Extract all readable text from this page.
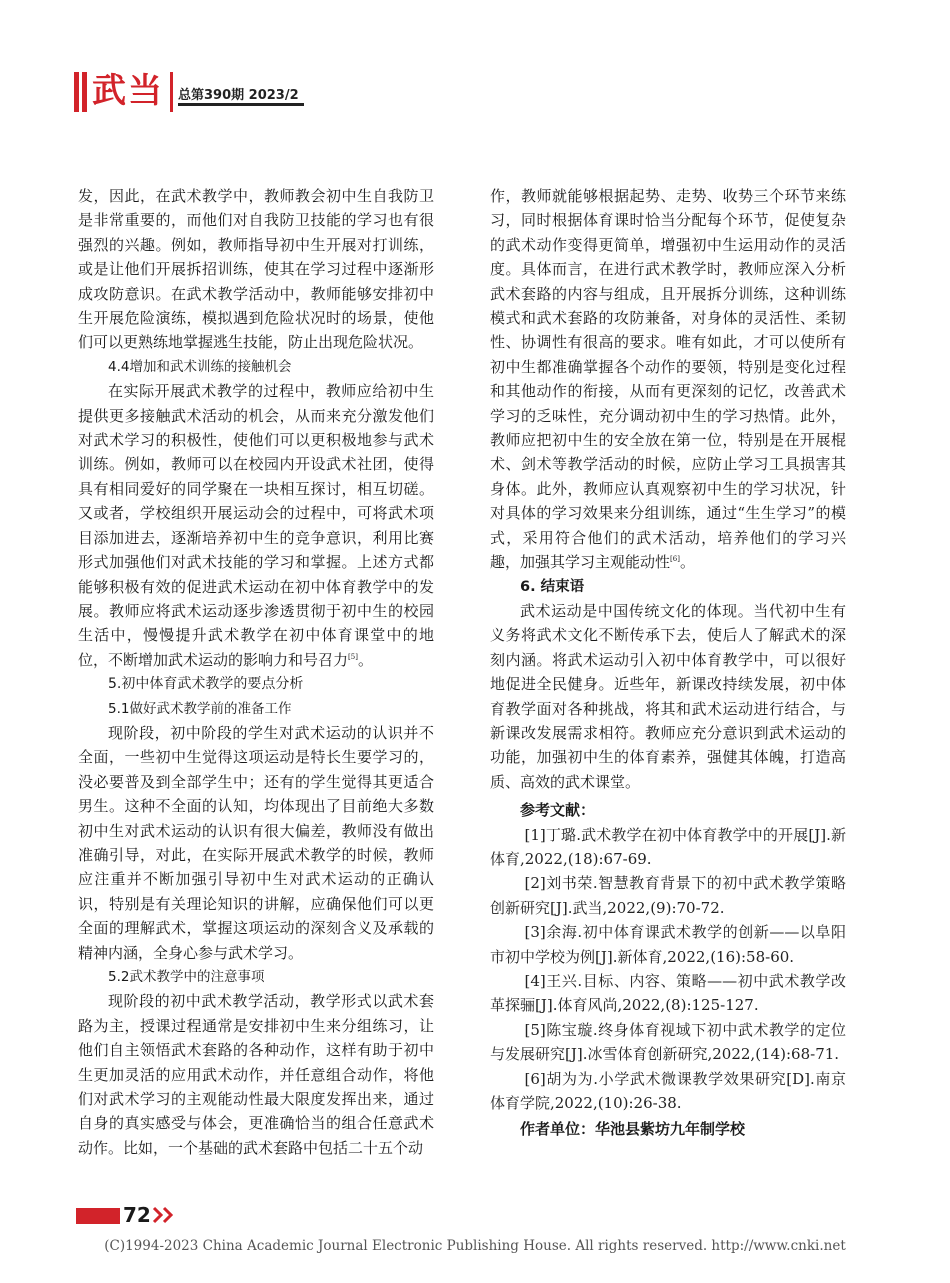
武当 总第390期 2023/2

发，因此，在武术教学中，教师教会初中生自我防卫是非常重要的，而他们对自我防卫技能的学习也有很强烈的兴趣。例如，教师指导初中生开展对打训练，或是让他们开展拆招训练，使其在学习过程中逐渐形成攻防意识。在武术教学活动中，教师能够安排初中生开展危险演练，模拟遇到危险状况时的场景，使他们可以更熟练地掌握逃生技能，防止出现危险状况。

4.4增加和武术训练的接触机会

在实际开展武术教学的过程中，教师应给初中生提供更多接触武术活动的机会，从而来充分激发他们对武术学习的积极性，使他们可以更积极地参与武术训练。例如，教师可以在校园内开设武术社团，使得具有相同爱好的同学聚在一块相互探讨，相互切磋。又或者，学校组织开展运动会的过程中，可将武术项目添加进去，逐渐培养初中生的竞争意识，利用比赛形式加强他们对武术技能的学习和掌握。上述方式都能够积极有效的促进武术运动在初中体育教学中的发展。教师应将武术运动逐步渗透贯彻于初中生的校园生活中，慢慢提升武术教学在初中体育课堂中的地位，不断增加武术运动的影响力和号召力[5]。

5.初中体育武术教学的要点分析
5.1做好武术教学前的准备工作

现阶段，初中阶段的学生对武术运动的认识并不全面，一些初中生觉得这项运动是特长生要学习的，没必要普及到全部学生中；还有的学生觉得其更适合男生。这种不全面的认知，均体现出了目前绝大多数初中生对武术运动的认识有很大偏差，教师没有做出准确引导，对此，在实际开展武术教学的时候，教师应注重并不断加强引导初中生对武术运动的正确认识，特别是有关理论知识的讲解，应确保他们可以更全面的理解武术，掌握这项运动的深刻含义及承载的精神内涵，全身心参与武术学习。

5.2武术教学中的注意事项

现阶段的初中武术教学活动，教学形式以武术套路为主，授课过程通常是安排初中生来分组练习，让他们自主领悟武术套路的各种动作，这样有助于初中生更加灵活的应用武术动作，并任意组合动作，将他们对武术学习的主观能动性最大限度发挥出来，通过自身的真实感受与体会，更准确恰当的组合任意武术动作。比如，一个基础的武术套路中包括二十五个动

作，教师就能够根据起势、走势、收势三个环节来练习，同时根据体育课时恰当分配每个环节，促使复杂的武术动作变得更简单，增强初中生运用动作的灵活度。具体而言，在进行武术教学时，教师应深入分析武术套路的内容与组成，且开展拆分训练，这种训练模式和武术套路的攻防兼备，对身体的灵活性、柔韧性、协调性有很高的要求。唯有如此，才可以使所有初中生都准确掌握各个动作的要领，特别是变化过程和其他动作的衔接，从而有更深刻的记忆，改善武术学习的乏味性，充分调动初中生的学习热情。此外，教师应把初中生的安全放在第一位，特别是在开展棍术、剑术等教学活动的时候，应防止学习工具损害其身体。此外，教师应认真观察初中生的学习状况，针对具体的学习效果来分组训练，通过“生生学习”的模式，采用符合他们的武术活动，培养他们的学习兴趣，加强其学习主观能动性[6]。

6. 结束语

武术运动是中国传统文化的体现。当代初中生有义务将武术文化不断传承下去，使后人了解武术的深刻内涵。将武术运动引入初中体育教学中，可以很好地促进全民健身。近些年，新课改持续发展，初中体育教学面对各种挑战，将其和武术运动进行结合，与新课改发展需求相符。教师应充分意识到武术运动的功能，加强初中生的体育素养，强健其体魄，打造高质、高效的武术课堂。

参考文献：

[1]丁璐.武术教学在初中体育教学中的开展[J].新体育,2022,(18):67-69.

[2]刘书荣.智慧教育背景下的初中武术教学策略创新研究[J].武当,2022,(9):70-72.

[3]余海.初中体育课武术教学的创新——以阜阳市初中学校为例[J].新体育,2022,(16):58-60.

[4]王兴.目标、内容、策略——初中武术教学改革探骊[J].体育风尚,2022,(8):125-127.

[5]陈宝璇.终身体育视域下初中武术教学的定位与发展研究[J].冰雪体育创新研究,2022,(14):68-71.

[6]胡为为.小学武术微课教学效果研究[D].南京体育学院,2022,(10):26-38.

作者单位：华池县紫坊九年制学校

72
(C)1994-2023 China Academic Journal Electronic Publishing House. All rights reserved. http://www.cnki.net
